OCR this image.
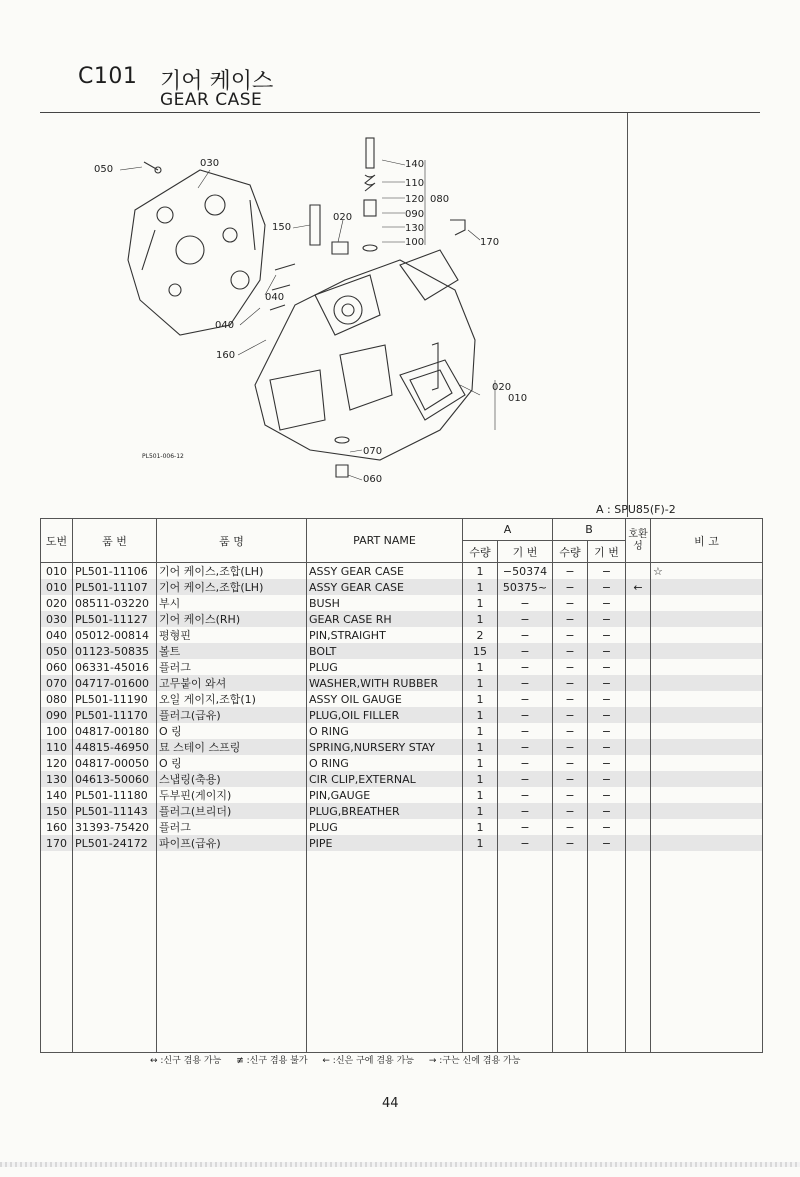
C101 기어 케이스
GEAR CASE
050
030	140
110
120 080
090
130
100	170
150
020
040
040
160
020
010
070
060
PL501-006-12
A : SPU85(F)-2
도번	품 번	품 명	PART NAME	A		B		호환성	비 고
				수량	기 번	수량	기 번		
010	PL501-11106	기어 케이스,조합(LH)	ASSY GEAR CASE	1	−50374	−	−		☆
010	PL501-11107	기어 케이스,조합(LH)	ASSY GEAR CASE	1	50375~	−	−	←	
020	08511-03220	부시	BUSH	1	−	−	−		
030	PL501-11127	기어 케이스(RH)	GEAR CASE RH	1	−	−	−		
040	05012-00814	평형핀	PIN,STRAIGHT	2	−	−	−		
050	01123-50835	볼트	BOLT	15	−	−	−		
060	06331-45016	플러그	PLUG	1	−	−	−		
070	04717-01600	고무붙이 와셔	WASHER,WITH RUBBER	1	−	−	−		
080	PL501-11190	오일 게이지,조합(1)	ASSY OIL GAUGE	1	−	−	−		
090	PL501-11170	플러그(급유)	PLUG,OIL FILLER	1	−	−	−		
100	04817-00180	O 링	O RING	1	−	−	−		
110	44815-46950	묘 스테이 스프링	SPRING,NURSERY STAY	1	−	−	−		
120	04817-00050	O 링	O RING	1	−	−	−		
130	04613-50060	스냅링(축용)	CIR CLIP,EXTERNAL	1	−	−	−		
140	PL501-11180	두부핀(게이지)	PIN,GAUGE	1	−	−	−		
150	PL501-11143	플러그(브리더)	PLUG,BREATHER	1	−	−	−		
160	31393-75420	플러그	PLUG	1	−	−	−		
170	PL501-24172	파이프(급유)	PIPE	1	−	−	−		

↔ :신구 겸용 가능 ≢ :신구 겸용 불가 ← :신은 구에 겸용 가능 → :구는 신에 겸용 가능
44
